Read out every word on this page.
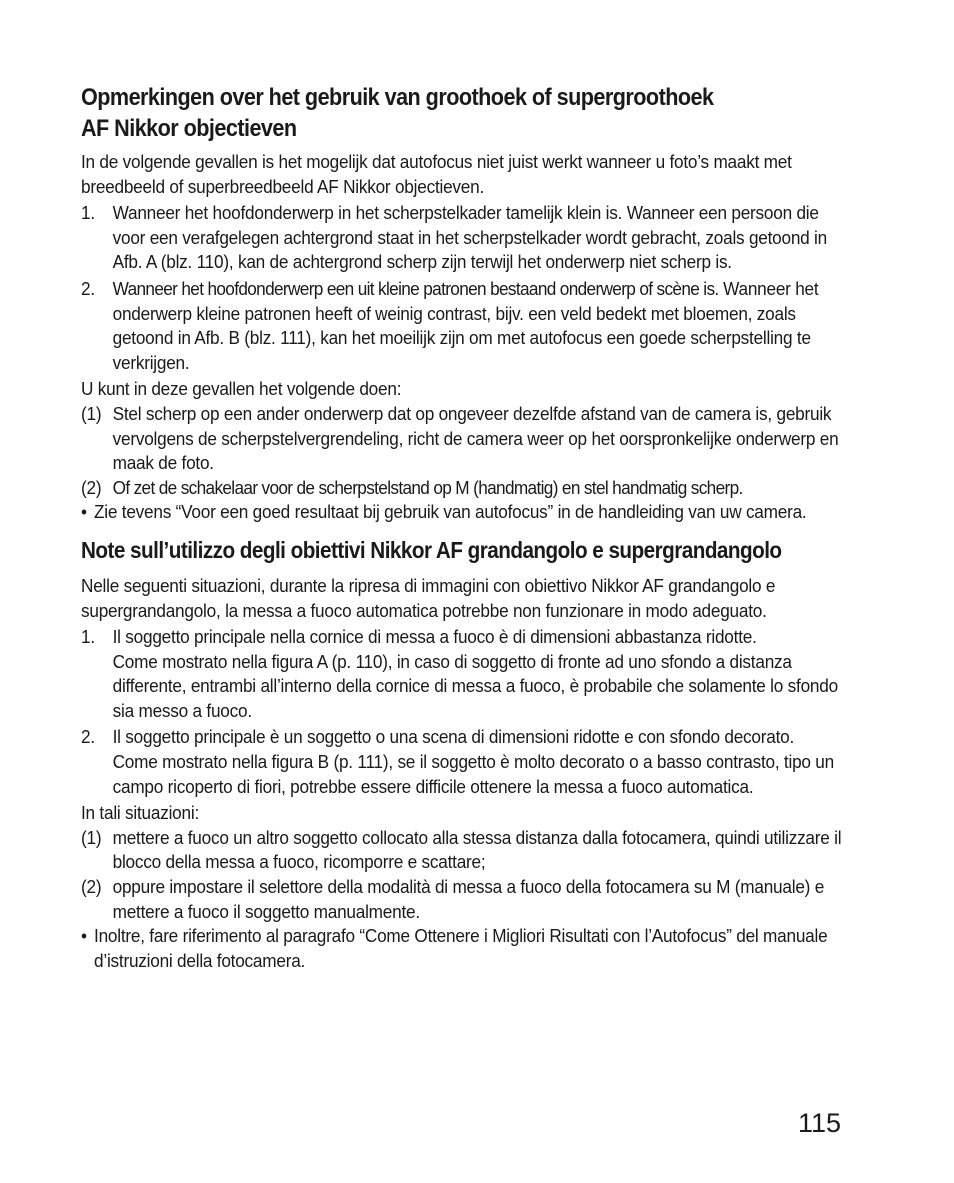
Opmerkingen over het gebruik van groothoek of supergroothoek
AF Nikkor objectieven

In de volgende gevallen is het mogelijk dat autofocus niet juist werkt wanneer u foto’s maakt met breedbeeld of superbreedbeeld AF Nikkor objectieven.

1. Wanneer het hoofdonderwerp in het scherpstelkader tamelijk klein is. Wanneer een persoon die voor een verafgelegen achtergrond staat in het scherpstelkader wordt gebracht, zoals getoond in Afb. A (blz. 110), kan de achtergrond scherp zijn terwijl het onderwerp niet scherp is.
2. Wanneer het hoofdonderwerp een uit kleine patronen bestaand onderwerp of scène is. Wanneer het onderwerp kleine patronen heeft of weinig contrast, bijv. een veld bedekt met bloemen, zoals getoond in Afb. B (blz. 111), kan het moeilijk zijn om met autofocus een goede scherpstelling te verkrijgen.

U kunt in deze gevallen het volgende doen:

(1) Stel scherp op een ander onderwerp dat op ongeveer dezelfde afstand van de camera is, gebruik vervolgens de scherpstelvergrendeling, richt de camera weer op het oorspronkelijke onderwerp en maak de foto.
(2) Of zet de schakelaar voor de scherpstelstand op M (handmatig) en stel handmatig scherp.
• Zie tevens “Voor een goed resultaat bij gebruik van autofocus” in de handleiding van uw camera.
Note sull’utilizzo degli obiettivi Nikkor AF grandangolo e supergrandangolo

Nelle seguenti situazioni, durante la ripresa di immagini con obiettivo Nikkor AF grandangolo e supergrandangolo, la messa a fuoco automatica potrebbe non funzionare in modo adeguato.

1. Il soggetto principale nella cornice di messa a fuoco è di dimensioni abbastanza ridotte.
Come mostrato nella figura A (p. 110), in caso di soggetto di fronte ad uno sfondo a distanza differente, entrambi all’interno della cornice di messa a fuoco, è probabile che solamente lo sfondo sia messo a fuoco.
2. Il soggetto principale è un soggetto o una scena di dimensioni ridotte e con sfondo decorato.
Come mostrato nella figura B (p. 111), se il soggetto è molto decorato o a basso contrasto, tipo un campo ricoperto di fiori, potrebbe essere difficile ottenere la messa a fuoco automatica.

In tali situazioni:

(1) mettere a fuoco un altro soggetto collocato alla stessa distanza dalla fotocamera, quindi utilizzare il blocco della messa a fuoco, ricomporre e scattare;
(2) oppure impostare il selettore della modalità di messa a fuoco della fotocamera su M (manuale) e mettere a fuoco il soggetto manualmente.
• Inoltre, fare riferimento al paragrafo “Come Ottenere i Migliori Risultati con l’Autofocus” del manuale d’istruzioni della fotocamera.
115
